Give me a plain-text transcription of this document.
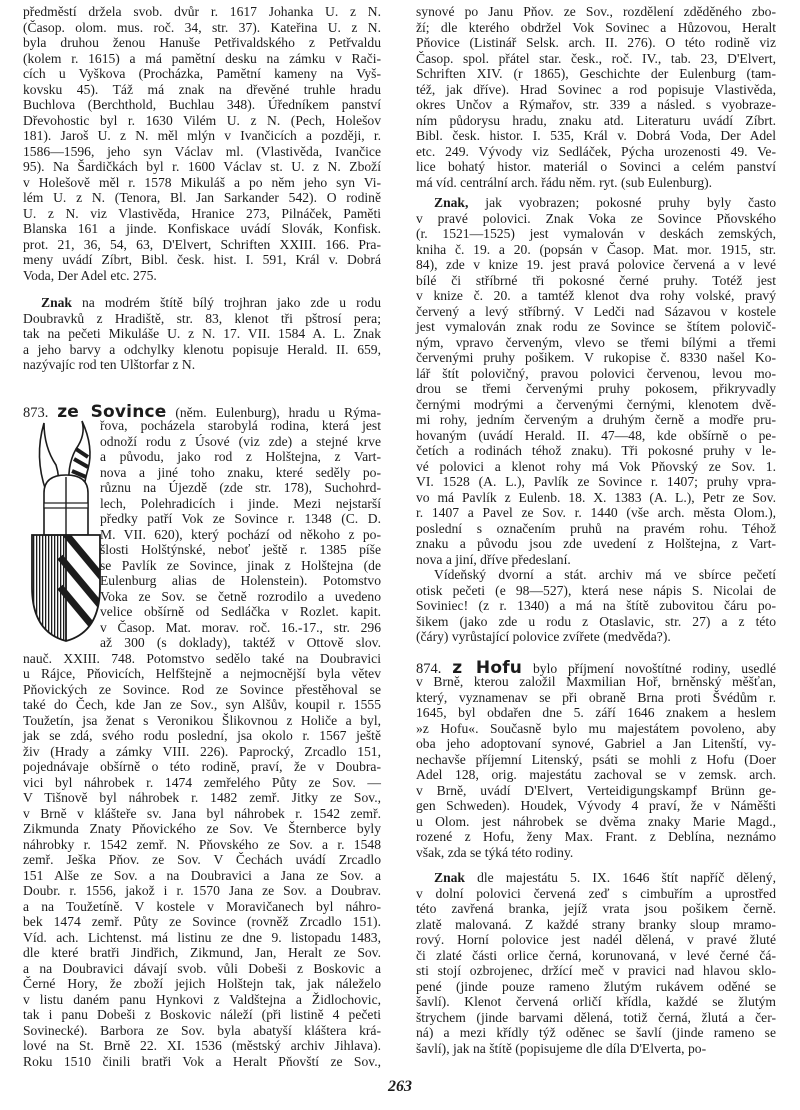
předměstí držela svob. dvůr r. 1617 Johanka U. z N.
(Časop. olom. mus. roč. 34, str. 37). Kateřina U. z N.
byla druhou ženou Hanuše Petřivaldského z Petřvaldu
(kolem r. 1615) a má pamětní desku na zámku v Rači-
cích u Vyškova (Procházka, Pamětní kameny na Vyš-
kovsku 45). Táž má znak na dřevěné truhle hradu
Buchlova (Berchthold, Buchlau 348). Úředníkem panství
Dřevohostic byl r. 1630 Vilém U. z N. (Pech, Holešov
181). Jaroš U. z N. měl mlýn v Ivančicích a později, r.
1586—1596, jeho syn Václav ml. (Vlastivěda, Ivančice
95). Na Šardičkách byl r. 1600 Václav st. U. z N. Zboží
v Holešově měl r. 1578 Mikuláš a po něm jeho syn Vi-
lém U. z N. (Tenora, Bl. Jan Sarkander 542). O rodině
U. z N. viz Vlastivěda, Hranice 273, Pilnáček, Paměti
Blanska 161 a jinde. Konfiskace uvádí Slovák, Konfisk.
prot. 21, 36, 54, 63, D'Elvert, Schriften XXIII. 166. Pra-
meny uvádí Zíbrt, Bibl. česk. hist. I. 591, Král v. Dobrá
Voda, Der Adel etc. 275.
Znak na modrém štítě bílý trojhran jako zde u rodu
Doubravků z Hradiště, str. 83, klenot tři pštrosí pera;
tak na pečeti Mikuláše U. z N. 17. VII. 1584 A. L. Znak
a jeho barvy a odchylky klenotu popisuje Herald. II. 659,
nazývajíc rod ten Ulštorfar z N.
873. ze Sovince (něm. Eulenburg), hradu u Rýma-
řova, pocházela starobylá rodina, která jest
odnoží rodu z Úsové (viz zde) a stejné krve
a původu, jako rod z Holštejna, z Vart-
nova a jiné toho znaku, které seděly po-
různu na Újezdě (zde str. 178), Suchohrd-
lech, Polehradicích i jinde. Mezi nejstarší
předky patří Vok ze Sovince r. 1348 (C. D.
M. VII. 620), který pochází od někoho z po-
šlosti Holštýnské, neboť ještě r. 1385 píše
se Pavlík ze Sovince, jinak z Holštejna (de
Eulenburg alias de Holenstein). Potomstvo
Voka ze Sov. se četně rozrodilo a uvedeno
velice obšírně od Sedláčka v Rozlet. kapit.
v Časop. Mat. morav. roč. 16.-17., str. 296
až 300 (s doklady), taktéž v Ottově slov.
nauč. XXIII. 748. Potomstvo sedělo také na Doubravici
u Rájce, Pňovicích, Helfštejně a nejmocnější byla větev
Pňovických ze Sovince. Rod ze Sovince přestěhoval se
také do Čech, kde Jan ze Sov., syn Alšův, koupil r. 1555
Toužetín, jsa ženat s Veronikou Šlikovnou z Holiče a byl,
jak se zdá, svého rodu poslední, jsa okolo r. 1567 ještě
živ (Hrady a zámky VIII. 226). Paprocký, Zrcadlo 151,
pojednávaje obšírně o této rodině, praví, že v Doubra-
vici byl náhrobek r. 1474 zemřelého Půty ze Sov. —
V Tišnově byl náhrobek r. 1482 zemř. Jitky ze Sov.,
v Brně v klášteře sv. Jana byl náhrobek r. 1542 zemř.
Zikmunda Znaty Pňovického ze Sov. Ve Šternberce byly
náhrobky r. 1542 zemř. N. Pňovského ze Sov. a r. 1548
zemř. Ješka Pňov. ze Sov. V Čechách uvádí Zrcadlo
151 Alše ze Sov. a na Doubravici a Jana ze Sov. a
Doubr. r. 1556, jakož i r. 1570 Jana ze Sov. a Doubrav.
a na Toužetíně. V kostele v Moravičanech byl náhro-
bek 1474 zemř. Půty ze Sovince (rovněž Zrcadlo 151).
Víd. ach. Lichtenst. má listinu ze dne 9. listopadu 1483,
dle které bratři Jindřich, Zikmund, Jan, Heralt ze Sov.
a na Doubravici dávají svob. vůli Dobeši z Boskovic a
Černé Hory, že zboží jejich Holštejn tak, jak náleželo
v listu daném panu Hynkovi z Valdštejna a Židlochovic,
tak i panu Dobeši z Boskovic náleží (při listině 4 pečeti
Sovinecké). Barbora ze Sov. byla abatyší kláštera krá-
lové na St. Brně 22. XI. 1536 (městský archiv Jihlava).
Roku 1510 činili bratři Vok a Heralt Pňovští ze Sov.,
synové po Janu Pňov. ze Sov., rozdělení zděděného zbo-
ží; dle kterého obdržel Vok Sovinec a Hůzovou, Heralt
Pňovice (Listinář Selsk. arch. II. 276). O této rodině viz
Časop. spol. přátel star. česk., roč. IV., tab. 23, D'Elvert,
Schriften XIV. (r 1865), Geschichte der Eulenburg (tam-
též, jak dříve). Hrad Sovinec a rod popisuje Vlastivěda,
okres Unčov a Rýmařov, str. 339 a násled. s vyobraze-
ním půdorysu hradu, znaku atd. Literaturu uvádí Zíbrt.
Bibl. česk. histor. I. 535, Král v. Dobrá Voda, Der Adel
etc. 249. Vývody viz Sedláček, Pýcha urozenosti 49. Ve-
lice bohatý histor. materiál o Sovinci a celém panství
má víd. centrální arch. řádu něm. ryt. (sub Eulenburg).
Znak, jak vyobrazen; pokosné pruhy byly často
v pravé polovici. Znak Voka ze Sovince Pňovského
(r. 1521—1525) jest vymalován v deskách zemských,
kniha č. 19. a 20. (popsán v Časop. Mat. mor. 1915, str.
84), zde v knize 19. jest pravá polovice červená a v levé
bílé či stříbrné tři pokosné černé pruhy. Totéž jest
v knize č. 20. a tamtéž klenot dva rohy volské, pravý
červený a levý stříbrný. V Ledči nad Sázavou v kostele
jest vymalován znak rodu ze Sovince se štítem polovič-
ným, vpravo červeným, vlevo se třemi bílými a třemi
červenými pruhy pošikem. V rukopise č. 8330 našel Ko-
lář štít polovičný, pravou polovici červenou, levou mo-
drou se třemi červenými pruhy pokosem, přikryvadly
černými modrými a červenými černými, klenotem dvě-
mi rohy, jedním červeným a druhým černě a modře pru-
hovaným (uvádí Herald. II. 47—48, kde obšírně o pe-
četích a rodinách téhož znaku). Tři pokosné pruhy v le-
vé polovici a klenot rohy má Vok Pňovský ze Sov. 1.
VI. 1528 (A. L.), Pavlík ze Sovince r. 1407; pruhy vpra-
vo má Pavlík z Eulenb. 18. X. 1383 (A. L.), Petr ze Sov.
r. 1407 a Pavel ze Sov. r. 1440 (vše arch. města Olom.),
poslední s označením pruhů na pravém rohu. Téhož
znaku a původu jsou zde uvedení z Holštejna, z Vart-
nova a jiní, dříve předeslaní.
Vídeňský dvorní a stát. archiv má ve sbírce pečetí
otisk pečeti (e 98—527), která nese nápis S. Nicolai de
Soviniec! (z r. 1340) a má na štítě zubovitou čáru po-
šikem (jako zde u rodu z Otaslavic, str. 27) a z této
(čáry) vyrůstající polovice zvířete (medvěda?).
874. z Hofu bylo příjmení novoštítné rodiny, usedlé
v Brně, kterou založil Maxmilian Hoř, brněnský měšťan,
který, vyznamenav se při obraně Brna proti Švédům r.
1645, byl obdařen dne 5. září 1646 znakem a heslem
»z Hofu«. Současně bylo mu majestátem povoleno, aby
oba jeho adoptovaní synové, Gabriel a Jan Litenští, vy-
nechavše příjemní Litenský, psáti se mohli z Hofu (Doer
Adel 128, orig. majestátu zachoval se v zemsk. arch.
v Brně, uvádí D'Elvert, Verteidigungskampf Brünn ge-
gen Schweden). Houdek, Vývody 4 praví, že v Náměšti
u Olom. jest náhrobek se dvěma znaky Marie Magd.,
rozené z Hofu, ženy Max. Frant. z Deblína, neznámo
však, zda se týká této rodiny.
Znak dle majestátu 5. IX. 1646 štít napříč dělený,
v dolní polovici červená zeď s cimbuřím a uprostřed
této zavřená branka, jejíž vrata jsou pošikem černě.
zlatě malovaná. Z každé strany branky sloup mramo-
rový. Horní polovice jest nadél dělená, v pravé žluté
či zlaté části orlice černá, korunovaná, v levé černé čá-
sti stojí ozbrojenec, držící meč v pravici nad hlavou sklo-
pené (jinde pouze rameno žlutým rukávem oděné se
šavlí). Klenot červená orličí křídla, každé se žlutým
štrychem (jinde barvami dělená, totiž černá, žlutá a čer-
ná) a mezi křídly týž oděnec se šavlí (jinde rameno se
šavlí), jak na štítě (popisujeme dle díla D'Elverta, po-
263
